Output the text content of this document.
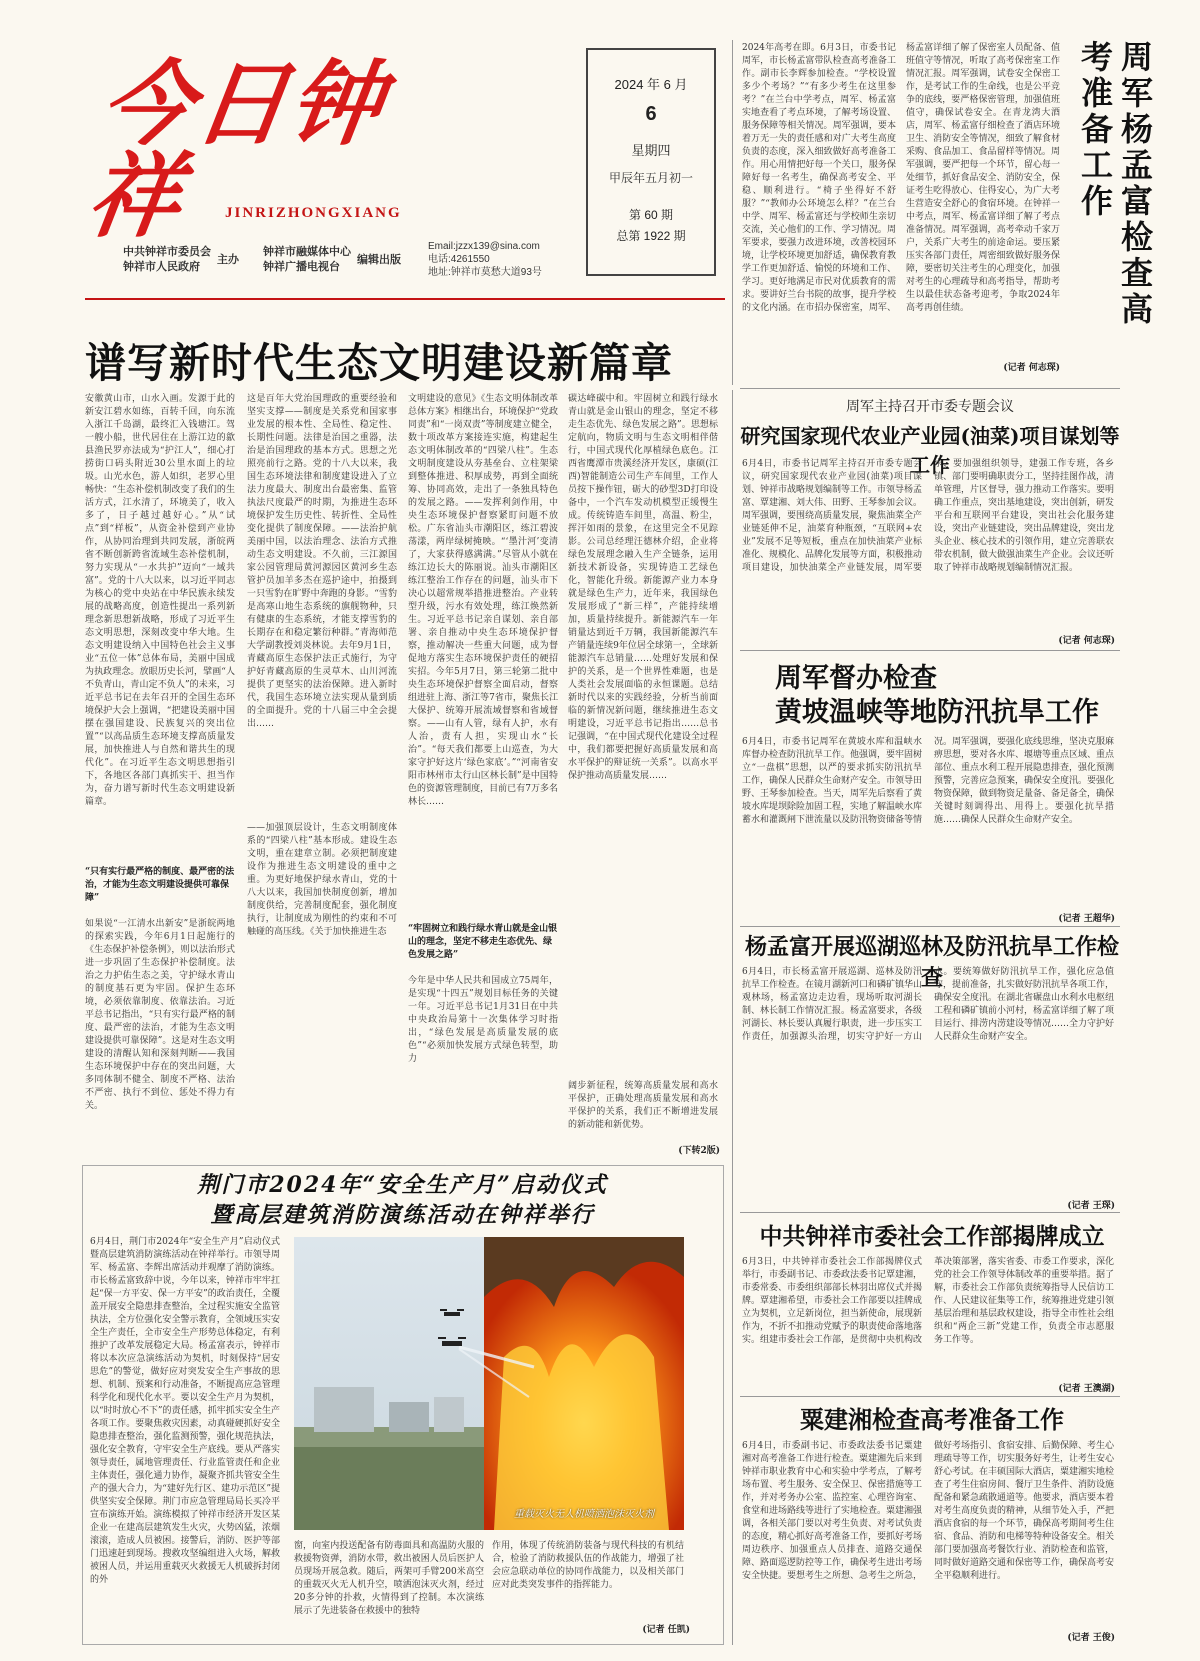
今日钟祥	JINRIZHONGXIANG
中共钟祥市委员会
钟祥市人民政府
主办
钟祥市融媒体中心
钟祥广播电视台
编辑出版
Email:jzzx139@sina.com
电话:4261550
地址:钟祥市莫愁大道93号
2024 年 6 月
6
星期四
甲辰年五月初一
第 60 期
总第 1922 期
2024年高考在即。6月3日，市委书记周军，市长杨孟富带队检查高考准备工作。副市长李辉参加检查。“学校设置多少个考场？”“有多少考生在这里参考？”在兰台中学考点，周军、杨孟富实地查看了考点环境，了解考场设置、服务保障等相关情况。周军强调，要本着万无一失的责任感和对广大考生高度负责的态度，深入细致做好高考准备工作。用心用情把好每一个关口，服务保障好每一名考生，确保高考安全、平稳、顺利进行。“椅子坐得好不舒服？”“教师办公环境怎么样？”在兰台中学、周军、杨孟富还与学校师生亲切交流，关心他们的工作、学习情况。周军要求，要强力改进环境，改善校园环境，让学校环境更加舒适，确保教育教学工作更加舒适、愉悦的环境和工作、学习。更好地满足市民对优质教育的需求。要讲好兰台书院的故事，提升学校的文化内涵。在市招办保密室，周军、杨孟富详细了解了保密室人员配备、值班值守等情况，听取了高考保密室工作情况汇报。周军强调，试卷安全保密工作，是考试工作的生命线，也是公平竞争的底线，要严格保密管理，加强值班值守，确保试卷安全。在青龙湾大酒店，周军、杨孟富仔细检查了酒店环境卫生、消防安全等情况，细致了解食材采购、食品加工、食品留样等情况。周军强调，要严把每一个环节，留心每一处细节，抓好食品安全、消防安全，保证考生吃得放心、住得安心，为广大考生营造安全舒心的食宿环境。在钟祥一中考点，周军、杨孟富详细了解了考点准备情况。周军强调，高考牵动千家万户，关系广大考生的前途命运。要压紧压实各部门责任，周密细致做好服务保障，要密切关注考生的心理变化，加强对考生的心理疏导和高考指导，帮助考生以最佳状态备考迎考，争取2024年高考再创佳绩。
(记者 何志琛)
周军杨孟富检查高考准备工作
谱写新时代生态文明建设新篇章
安徽黄山市，山水入画。发源于此的新安江碧水如练，百转千回，向东流入浙江千岛湖，最终汇入钱塘江。驾一艘小船，世代居住在上游江边的歙县渔民罗亦法成为“护江人”，细心打捞街口码头附近30公里水面上的垃圾。山光水色，游人如织，老罗心里畅快：“生态补偿机制改变了我们的生活方式，江水清了，环境美了，收入多了，日子越过越好心。”从“试点”到“样板”，从资金补偿到产业协作，从协同治理到共同发展，浙皖两省不断创新跨省流域生态补偿机制，努力实现从“一水共护”迈向“一域共富”。党的十八大以来，以习近平同志为核心的党中央站在中华民族永续发展的战略高度，创造性提出一系列新理念新思想新战略，形成了习近平生态文明思想，深刻改变中华大地。生态文明建设纳入中国特色社会主义事业“五位一体”总体布局，美丽中国成为执政理念。放眼历史长河，擘画“人不负青山，青山定不负人”的未来，习近平总书记在去年召开的全国生态环境保护大会上强调，“把建设美丽中国摆在强国建设、民族复兴的突出位置”“以高品质生态环境支撑高质量发展，加快推进人与自然和谐共生的现代化”。在习近平生态文明思想指引下，各地区各部门真抓实干、担当作为，奋力谱写新时代生态文明建设新篇章。
“只有实行最严格的制度、最严密的法治，才能为生态文明建设提供可靠保障”
如果说“一江清水出新安”是浙皖两地的探索实践，今年6月1日起施行的《生态保护补偿条例》，则以法治形式进一步巩固了生态保护补偿制度。法治之力护佑生态之美，守护绿水青山的制度基石更为牢固。保护生态环境，必须依靠制度、依靠法治。习近平总书记指出，“只有实行最严格的制度、最严密的法治，才能为生态文明建设提供可靠保障”。这是对生态文明建设的清醒认知和深刻判断——我国生态环境保护中存在的突出问题，大多同体制不健全、制度不严格、法治不严密、执行不到位、惩处不得力有关。
这是百年大党治国理政的重要经验和坚实支撑——制度是关系党和国家事业发展的根本性、全局性、稳定性、长期性问题。法律是治国之重器，法治是治国理政的基本方式。思想之光照亮前行之路。党的十八大以来，我国生态环境法律和制度建设进入了立法力度最大、制度出台最密集、监管执法尺度最严的时期，为推进生态环境保护发生历史性、转折性、全局性变化提供了制度保障。——法治护航美丽中国，以法治理念、法治方式推动生态文明建设。不久前，三江源国家公园管理局黄河源园区黄河乡生态管护员加羊多杰在巡护途中，拍摄到一只雪豹在旷野中奔跑的身影。“雪豹是高寒山地生态系统的旗舰物种，只有健康的生态系统，才能支撑雪豹的长期存在和稳定繁衍种群。”青海师范大学副教授刘炎林说。去年9月1日，青藏高原生态保护法正式施行，为守护好青藏高原的生灵草木、山川河流提供了更坚实的法治保障。进入新时代，我国生态环境立法实现从量到质的全面提升。党的十八届三中全会提出……
——加强顶层设计，生态文明制度体系的“四梁八柱”基本形成。建设生态文明，重在建章立制。必须把制度建设作为推进生态文明建设的重中之重。为更好地保护绿水青山，党的十八大以来，我国加快制度创新，增加制度供给，完善制度配套，强化制度执行，让制度成为刚性的约束和不可触碰的高压线。《关于加快推进生态
文明建设的意见》《生态文明体制改革总体方案》相继出台，环境保护“党政同责”和“一岗双责”等制度建立健全，数十项改革方案接连实施，构建起生态文明体制改革的“四梁八柱”。生态文明制度建设从夯基垒台、立柱架梁到整体推进、积厚成势，再到全面统筹、协同高效，走出了一条独具特色的发展之路。——发挥利剑作用，中央生态环境保护督察紧盯问题不放松。广东省汕头市潮阳区，练江碧波荡漾，两岸绿树掩映。“‘墨汁河’变清了，大家获得感满满。”尽管从小就在练江边长大的陈丽说。汕头市潮阳区练江整治工作存在的问题，汕头市下决心以超常规举措推进整治。产业转型升级，污水有效处理，练江焕然新生。习近平总书记亲自谋划、亲自部署、亲自推动中央生态环境保护督察，推动解决一些重大问题，成为督促地方落实生态环境保护责任的硬招实招。今年5月7日，第三轮第二批中央生态环境保护督察全面启动，督察组进驻上海、浙江等7省市，聚焦长江大保护、统筹开展流域督察和省域督察。——山有人管，绿有人护，水有人治，责有人担，实现山水“长治”。“每天我们都要上山巡查，为大家守护好这片‘绿色家底’。”“河南省安阳市林州市太行山区林长制”是中国特色的资源管理制度，目前已有7万多名林长……
“牢固树立和践行绿水青山就是金山银山的理念，坚定不移走生态优先、绿色发展之路”
今年是中华人民共和国成立75周年，是实现“十四五”规划目标任务的关键一年。习近平总书记1月31日在中共中央政治局第十一次集体学习时指出，“绿色发展是高质量发展的底色”“必须加快发展方式绿色转型，助力
碳达峰碳中和。牢固树立和践行绿水青山就是金山银山的理念，坚定不移走生态优先、绿色发展之路”。思想标定航向，物质文明与生态文明相伴偕行，中国式现代化厚植绿色底色。江西省鹰潭市贵溪经济开发区，康硕(江西)智能制造公司生产车间里，工作人员按下操作钮，砺大的砂型3D打印设备中，一个汽车发动机模型正缓慢生成。传统铸造车间里，高温、粉尘，挥汗如雨的景象，在这里完全不见踪影。公司总经理汪德林介绍，企业将绿色发展理念融入生产全链条，运用新技术新设备，实现铸造工艺绿色化，智能化升级。新能源产业力本身就是绿色生产力，近年来，我国绿色发展形成了“新三样”，产能持续增加，质量持续提升。新能源汽车一年销量达到近千万辆，我国新能源汽车产销量连续9年位居全球第一，全球新能源汽车总销量……处理好发展和保护的关系，是一个世界性难题，也是人类社会发展面临的永恒课题。总结新时代以来的实践经验，分析当前面临的新情况新问题，继续推进生态文明建设，习近平总书记指出……总书记强调，“在中国式现代化建设全过程中，我们都要把握好高质量发展和高水平保护的辩证统一关系”。以高水平保护推动高质量发展……
阔步新征程，统筹高质量发展和高水平保护，正确处理高质量发展和高水平保护的关系，我们正不断增进发展的新动能和新优势。
(下转2版)
荆门市2024年“安全生产月”启动仪式
暨高层建筑消防演练活动在钟祥举行
6月4日，荆门市2024年“安全生产月”启动仪式暨高层建筑消防演练活动在钟祥举行。市领导周军、杨孟富、李辉出席活动并观摩了消防演练。市长杨孟富致辞中说，今年以来，钟祥市牢牢扛起“保一方平安、保一方平安”的政治责任，全覆盖开展安全隐患排查整治，全过程实施安全监管执法，全方位强化安全警示教育，全领域压实安全生产责任，全市安全生产形势总体稳定，有利推护了改革发展稳定大局。杨孟富表示，钟祥市将以本次应急演练活动为契机，时刻保持“居安思危”的警觉，做好应对突发安全生产事故的思想、机制、预案和行动准备，不断提高应急管理科学化和现代化水平。要以安全生产月为契机，以“时时放心不下”的责任感，抓牢抓实安全生产各项工作。要聚焦救灾因素，动真碰硬抓好安全隐患排查整治，强化监测预警，强化规范执法，强化安全教育，守牢安全生产底线。要从严落实领导责任，属地管理责任、行业监管责任和企业主体责任，强化通力协作，凝聚齐抓共管安全生产的强大合力，为“建好先行区、建功示范区”提供坚实安全保障。荆门市应急管理局局长买冷平宣布演练开始。演练模拟了钟祥市经济开发区某企业一在建高层建筑发生火灾，火势凶猛，浓烟滚滚，造成人员被困。接警后，消防、医护等部门迅速赶到现场。搜救攻坚编组进入火场，解救被困人员，并运用重载灭火救援无人机破拆封闭的外
重载灭火无人机喷洒泡沫灭火剂
窗，向室内投送配备有防毒面具和高温防火服的救援物资弹，消防水带，救出被困人员后医护人员现场开展急救。随后，两架可手臂200米高空的重载灭火无人机升空，喷洒泡沫灭火剂，经过20多分钟的扑救，火情得到了控制。本次演练展示了先进装备在救援中的独特
作用，体现了传统消防装备与现代科技的有机结合，检验了消防救援队伍的作战能力，增强了社会应急联动单位的协同作战能力，以及相关部门应对此类突发事件的指挥能力。
(记者 任凯)
周军主持召开市委专题会议
研究国家现代农业产业园(油菜)项目谋划等工作
6月4日，市委书记周军主持召开市委专题会议，研究国家现代农业产业园(油菜)项目谋划、钟祥市战略规划编制等工作。市领导杨孟富、覃建湘、刘大伟、田野、王琴参加会议。周军强调，要围绕高质量发展，聚焦油菜全产业链延伸不足，油菜育种瓶颈，“互联网+农业”发展不足等短板，重点在加快油菜产业标准化、规模化、品牌化发展等方面，积极推动项目建设，加快油菜全产业链发展，周军要求，要加强组织领导，建强工作专班，各乡镇、部门要明确职责分工，坚持挂图作战，清单管理，片区督导，强力推动工作落实。要明确工作重点，突出基地建设，突出创新，研发平台和互联网平台建设，突出社会化服务建设，突出产业链建设，突出品牌建设，突出龙头企业、核心技术的引领作用，建立完善联农带农机制，做大做强油菜生产企业。会议还听取了钟祥市战略规划编制情况汇报。
(记者 何志琛)
周军督办检查
黄坡温峡等地防汛抗旱工作
6月4日，市委书记周军在黄坡水库和温峡水库督办检查防汛抗旱工作。他强调，要牢固树立“一盘棋”思想，以严的要求抓实防汛抗旱工作，确保人民群众生命财产安全。市领导田野、王琴参加检查。当天，周军先后察看了黄坡水库堤坝除险加固工程，实地了解温峡水库蓄水和灌溉闸下泄流量以及防汛物资储备等情况。周军强调，要强化底线思维，坚决克服麻痹思想，要对各水库、堰塘等重点区域、重点部位、重点水利工程开展隐患排查，强化预测预警，完善应急预案，确保安全度汛。要强化物资保障，做到物资足量备、备足备全，确保关键时刻调得出、用得上。要强化抗旱措施……确保人民群众生命财产安全。
(记者 王超华)
杨孟富开展巡湖巡林及防汛抗旱工作检查
6月4日，市长杨孟富开展巡湖、巡林及防汛抗旱工作检查。在镜月湖新河口和磷矿镇华山观林场，杨孟富边走边看，现场听取河湖长制、林长制工作情况汇报。杨孟富要求，各级河湖长、林长要认真履行职责，进一步压实工作责任，加强源头治理，切实守护好一方山水。要统筹做好防汛抗旱工作，强化应急值守，提前准备，扎实做好防汛抗旱各项工作，确保安全度汛。在湖北省碾盘山水利水电枢纽工程和磷矿镇前小河村，杨孟富详细了解了项目运行、排涝内涝建设等情况……全力守护好人民群众生命财产安全。
(记者 王琛)
中共钟祥市委社会工作部揭牌成立
6月3日，中共钟祥市委社会工作部揭牌仪式举行，市委副书记、市委政法委书记覃建湘，市委常委、市委组织部部长林羽出席仪式并揭牌。覃建湘希望，市委社会工作部要以挂牌成立为契机，立足新岗位，担当新使命，展现新作为，不折不扣推动党赋予的职责使命落地落实。组建市委社会工作部，是贯彻中央机构改革决策部署，落实省委、市委工作要求，深化党的社会工作领导体制改革的重要举措。据了解，市委社会工作部负责统筹指导人民信访工作、人民建议征集等工作，统筹推进党建引领基层治理和基层政权建设，指导全市性社会组织和“两企三新”党建工作，负责全市志愿服务工作等。
(记者 王澳湖)
粟建湘检查高考准备工作
6月4日，市委副书记、市委政法委书记粟建湘对高考准备工作进行检查。粟建湘先后来到钟祥市职业教育中心和实验中学考点，了解考场布置、考生服务、安全保卫、保密措施等工作，并对考务办公室、监控室、心理咨询室、食堂和进场路线等进行了实地检查。粟建湘强调，各相关部门要以对考生负责、对考试负责的态度，精心抓好高考准备工作，要抓好考场周边秩序、加强重点人员排查、道路交通保障、路面巡逻防控等工作，确保考生进出考场安全快捷。要想考生之所想、急考生之所急，做好考场指引、食宿安排、后勤保障、考生心理疏导等工作，切实服务好考生，让考生安心舒心考试。在丰硕国际大酒店，粟建湘实地检查了考生住宿房间、餐厅卫生条件、消防设施配备和紧急疏散通道等。他要求，酒店要本着对考生高度负责的精神，从细节处入手，严把酒店食宿的每一个环节，确保高考期间考生住宿、食品、消防和电梯等特种设备安全。相关部门要加强高考餐饮行业、消防检查和监管，同时做好道路交通和保密等工作，确保高考安全平稳顺利进行。
(记者 王俊)
